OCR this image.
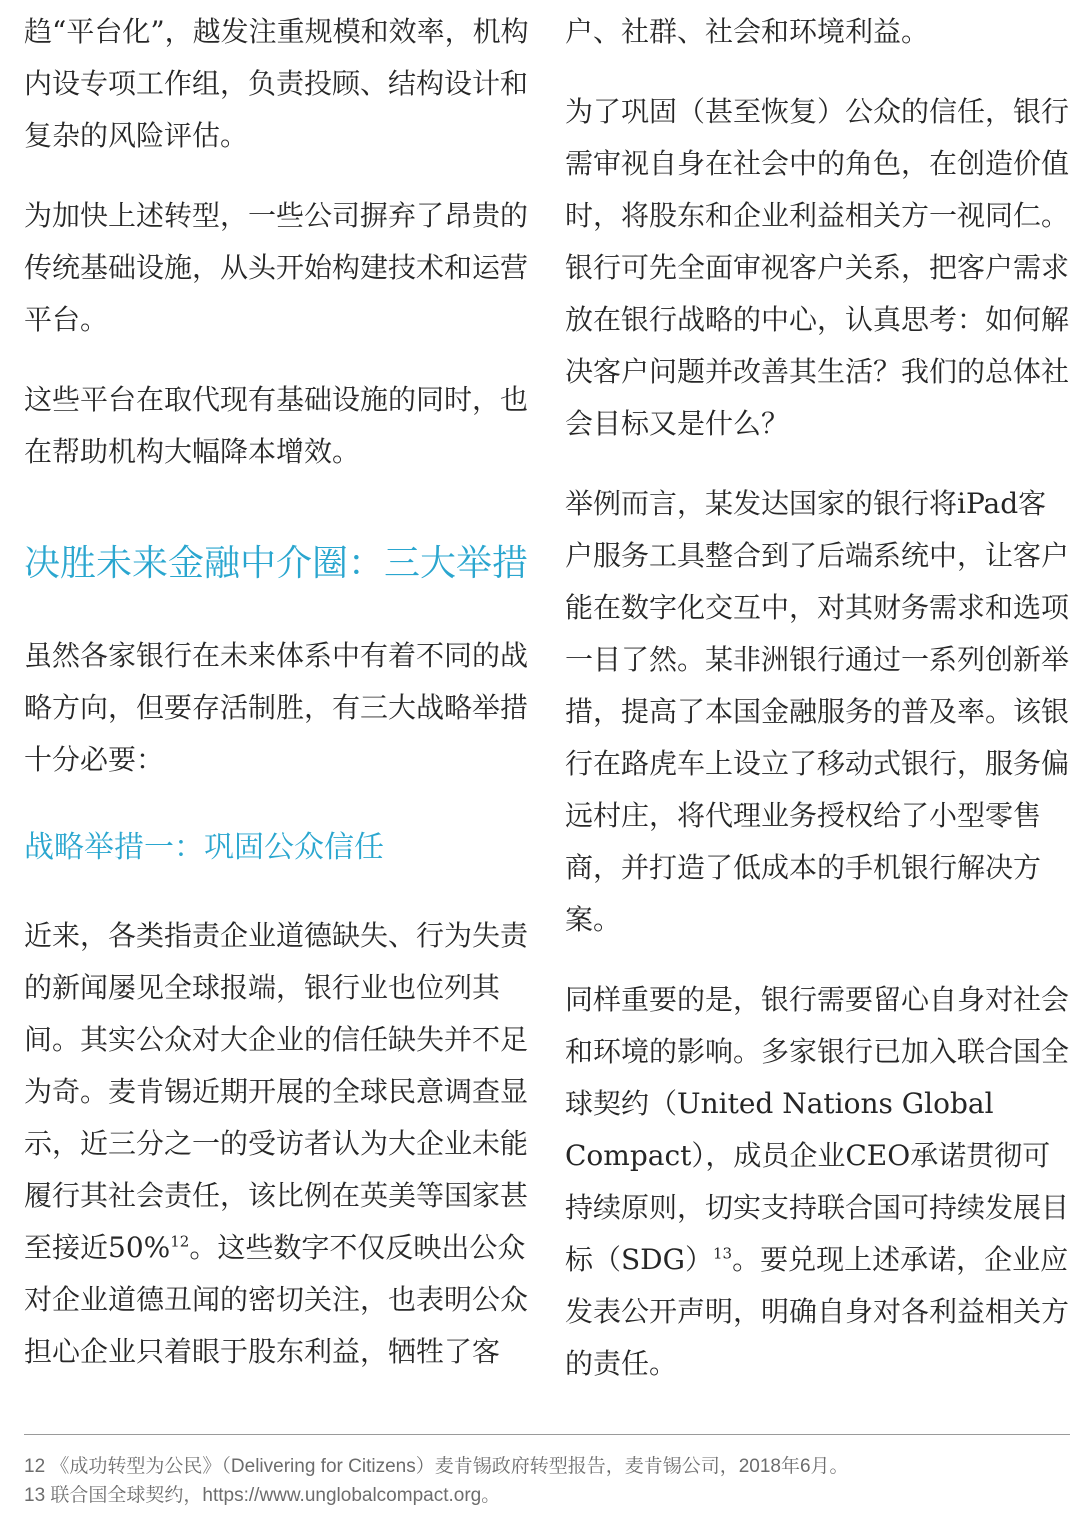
趋“平台化”，越发注重规模和效率，机构内设专项工作组，负责投顾、结构设计和复杂的风险评估。

为加快上述转型，一些公司摒弃了昂贵的传统基础设施，从头开始构建技术和运营平台。

这些平台在取代现有基础设施的同时，也在帮助机构大幅降本增效。

决胜未来金融中介圈：三大举措

虽然各家银行在未来体系中有着不同的战略方向，但要存活制胜，有三大战略举措十分必要：

战略举措一：巩固公众信任

近来，各类指责企业道德缺失、行为失责的新闻屡见全球报端，银行业也位列其间。其实公众对大企业的信任缺失并不足为奇。麦肯锡近期开展的全球民意调查显示，近三分之一的受访者认为大企业未能履行其社会责任，该比例在英美等国家甚至接近50%$^{12}$。这些数字不仅反映出公众对企业道德丑闻的密切关注，也表明公众担心企业只着眼于股东利益，牺牲了客

户、社群、社会和环境利益。

为了巩固（甚至恢复）公众的信任，银行需审视自身在社会中的角色，在创造价值时，将股东和企业利益相关方一视同仁。银行可先全面审视客户关系，把客户需求放在银行战略的中心，认真思考：如何解决客户问题并改善其生活？我们的总体社会目标又是什么？

举例而言，某发达国家的银行将iPad客户服务工具整合到了后端系统中，让客户能在数字化交互中，对其财务需求和选项一目了然。某非洲银行通过一系列创新举措，提高了本国金融服务的普及率。该银行在路虎车上设立了移动式银行，服务偏远村庄，将代理业务授权给了小型零售商，并打造了低成本的手机银行解决方案。

同样重要的是，银行需要留心自身对社会和环境的影响。多家银行已加入联合国全球契约（United Nations Global Compact），成员企业CEO承诺贯彻可持续原则，切实支持联合国可持续发展目标（SDG）$^{13}$。要兑现上述承诺，企业应发表公开声明，明确自身对各利益相关方的责任。

12 《成功转型为公民》（Delivering for Citizens）麦肯锡政府转型报告，麦肯锡公司，2018年6月。
13 联合国全球契约，https://www.unglobalcompact.org。
